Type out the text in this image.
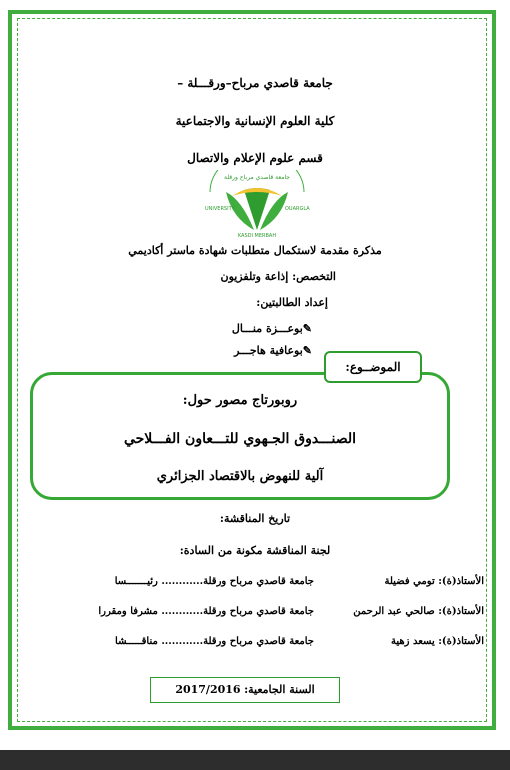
جامعة قاصدي مرباح–ورقـــلة –
كلية العلوم الإنسانية والاجتماعية
قسم علوم الإعلام والاتصال
جامعة قاصدي مرباح ورقلة
UNIVERSITY	OUARGLA
KASDI MERBAH
مذكرة مقدمة لاستكمال متطلبات شهادة ماستر أكاديمي
التخصص: إذاعة وتلفزيون
إعداد الطالبتين:
✎بوعـــزة منـــال
✎بوعافية هاجـــر
الموضــوع:
روبورتاج مصور حول:
الصنـــدوق الجـهوي للتـــعاون الفـــلاحي
آلية للنهوض بالاقتصاد الجزائري
تاريخ المناقشة:
لجنة المناقشة مكونة من السادة:
الأستاذ(ة): تومي فضيلة
جامعة قاصدي مرباح ورقلة............ رئيـــــــسا
الأستاذ(ة): صالحي عبد الرحمن
جامعة قاصدي مرباح ورقلة............ مشرفا ومقررا
الأستاذ(ة): يسعد زهية
جامعة قاصدي مرباح ورقلة............ مناقـــــشا
السنة الجامعية: 2017/2016
